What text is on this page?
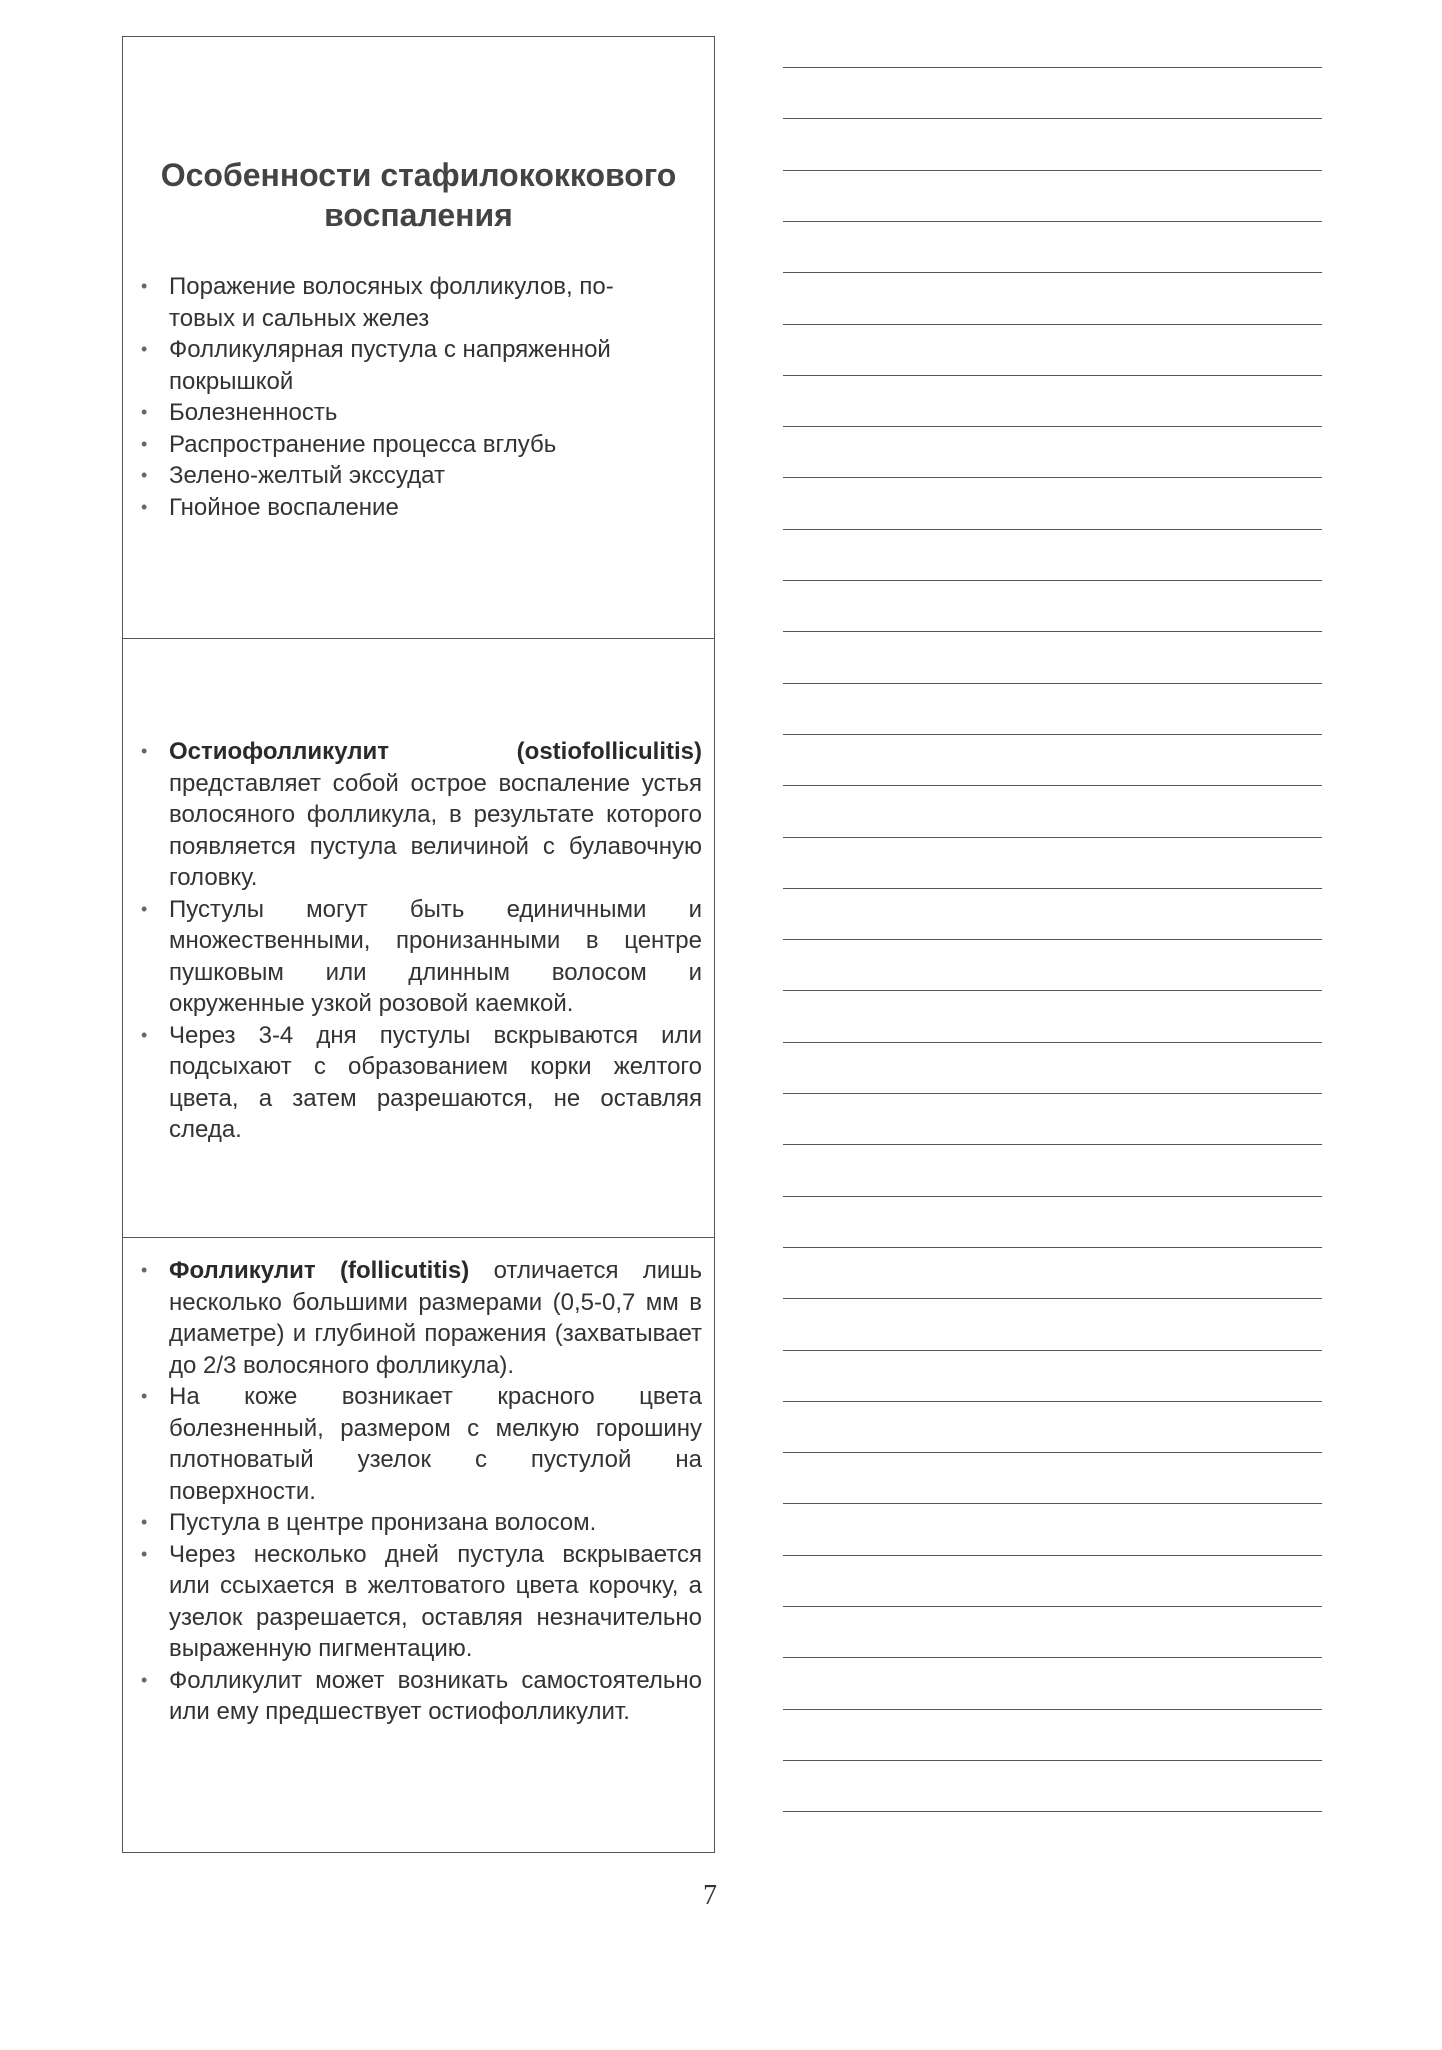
Особенности стафилококкового
воспаления
• Поражение волосяных фолликулов, по-
товых и сальных желез
• Фолликулярная пустула с напряженной
покрышкой
• Болезненность
• Распространение процесса вглубь
• Зелено-желтый экссудат
• Гнойное воспаление
• Остиофолликулит (ostiofolliculitis) представляет собой острое воспаление устья волосяного фолликула, в результате которого появляется пустула величиной с булавочную головку.
• Пустулы могут быть единичными и множественными, пронизанными в центре пушковым или длинным волосом и окруженные узкой розовой каемкой.
• Через 3-4 дня пустулы вскрываются или подсыхают с образованием корки желтого цвета, а затем разрешаются, не оставляя следа.
• Фолликулит (follicutitis) отличается лишь несколько большими размерами (0,5-0,7 мм в диаметре) и глубиной поражения (захватывает до 2/3 волосяного фолликула).
• На коже возникает красного цвета болезненный, размером с мелкую горошину плотноватый узелок с пустулой на поверхности.
• Пустула в центре пронизана волосом.
• Через несколько дней пустула вскрывается или ссыхается в желтоватого цвета корочку, а узелок разрешается, оставляя незначительно выраженную пигментацию.
• Фолликулит может возникать самостоятельно или ему предшествует остиофолликулит.
7
